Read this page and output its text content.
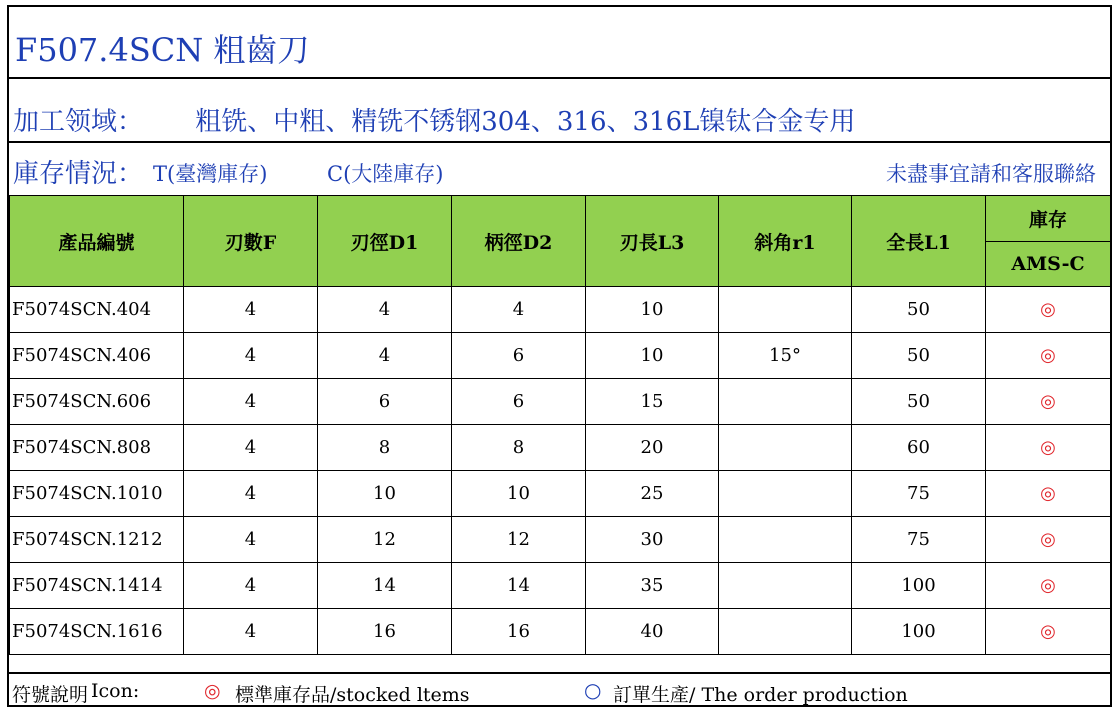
F507.4SCN 粗齒刀
加工领域： 粗铣、中粗、精铣不锈钢304、316、316L镍钛合金专用
庫存情況： T(臺灣庫存)	C(大陸庫存)	未盡事宜請和客服聯絡
產品編號	刃數F	刃徑D1	柄徑D2	刃長L3	斜角r1	全長L1	庫存
							AMS-C
F5074SCN.404	4	4	4	10		50	◎
F5074SCN.406	4	4	6	10	15°	50	◎
F5074SCN.606	4	6	6	15		50	◎
F5074SCN.808	4	8	8	20		60	◎
F5074SCN.1010	4	10	10	25		75	◎
F5074SCN.1212	4	12	12	30		75	◎
F5074SCN.1414	4	14	14	35		100	◎
F5074SCN.1616	4	16	16	40		100	◎
符號說明 Icon:	◎ 標準庫存品/stocked ltems	○ 訂單生產/ The order production
